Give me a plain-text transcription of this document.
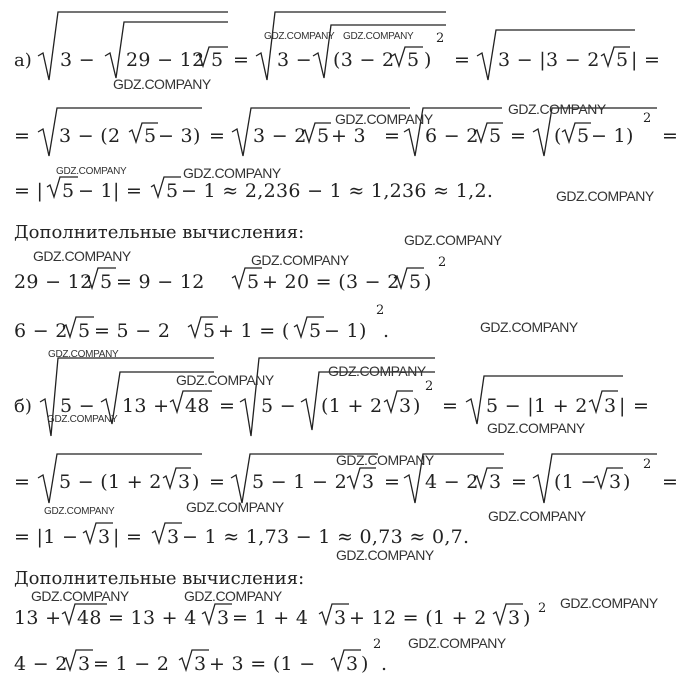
а) 3 − 29 − 12 5 = 3 − (3 − 2 5 )
2
= 3 − |3 − 2 5 | =
= 3 − (2 5 − 3) = 3 − 2 5 + 3 = 6 − 2 5 = ( 5 − 1)
2
=
= | 5 − 1| = 5 − 1 ≈ 2,236 − 1 ≈ 1,236 ≈ 1,2.
Дополнительные вычисления:
29 − 12 5 = 9 − 12 5 + 20 = (3 − 2 5 )
2
6 − 2 5 = 5 − 2 5 + 1 = ( 5 − 1)
2
.
б) 5 − 13 + 48 = 5 − (1 + 2 3 )
2
= 5 − |1 + 2 3 | =
= 5 − (1 + 2 3 ) = 5 − 1 − 2 3 = 4 − 2 3 = (1 − 3 )
2
=
= |1 − 3 | = 3 − 1 ≈ 1,73 − 1 ≈ 0,73 ≈ 0,7.
Дополнительные вычисления:
13 + 48 = 13 + 4 3 = 1 + 4 3 + 12 = (1 + 2 3 ) 2
4 − 2 3 = 1 − 2 3 + 3 = (1 − 3 )
2
.
GDZ.COMPANY GDZ.COMPANY
GDZ.COMPANY
GDZ.COMPANY
GDZ.COMPANY
GDZ.COMPANY	GDZ.COMPANY
GDZ.COMPANY
GDZ.COMPANY
GDZ.COMPANY	GDZ.COMPANY
GDZ.COMPANY
GDZ.COMPANY
GDZ.COMPANY
GDZ.COMPANY
GDZ.COMPANY
GDZ.COMPANY
GDZ.COMPANY
GDZ.COMPANY
GDZ.COMPANY	GDZ.COMPANY
GDZ.COMPANY
GDZ.COMPANY	GDZ.COMPANY	GDZ.COMPANY
GDZ.COMPANY
